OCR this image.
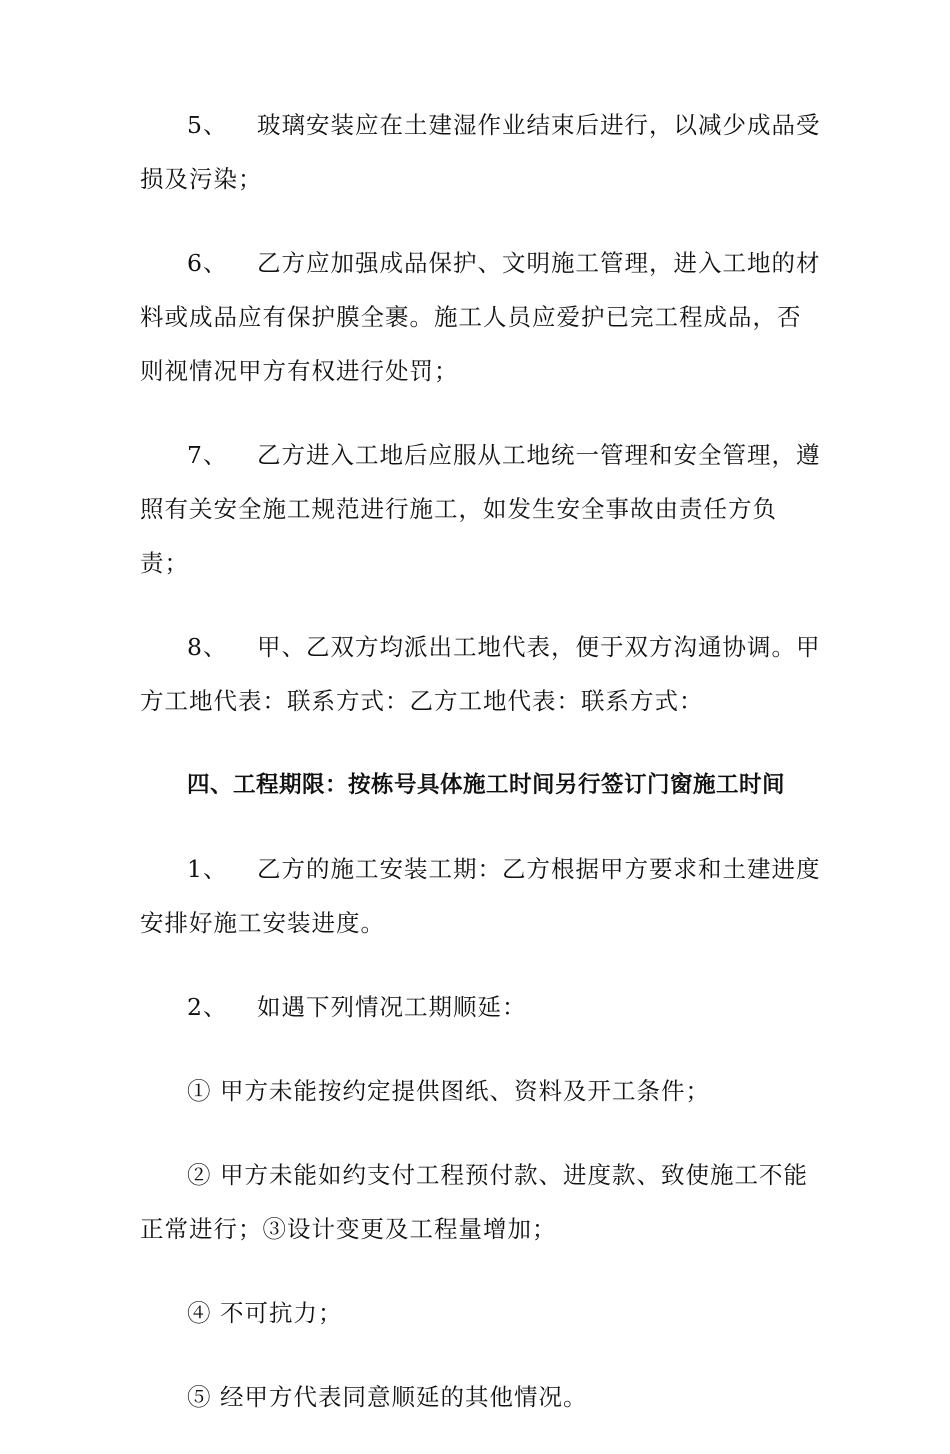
5、 玻璃安装应在土建湿作业结束后进行，以减少成品受损及污染；

6、 乙方应加强成品保护、文明施工管理，进入工地的材料或成品应有保护膜全裹。施工人员应爱护已完工程成品，否则视情况甲方有权进行处罚；

7、 乙方进入工地后应服从工地统一管理和安全管理，遵照有关安全施工规范进行施工，如发生安全事故由责任方负责；

8、 甲、乙双方均派出工地代表，便于双方沟通协调。甲方工地代表：联系方式：乙方工地代表：联系方式：

四、工程期限：按栋号具体施工时间另行签订门窗施工时间

1、 乙方的施工安装工期：乙方根据甲方要求和土建进度安排好施工安装进度。

2、 如遇下列情况工期顺延：

① 甲方未能按约定提供图纸、资料及开工条件；

② 甲方未能如约支付工程预付款、进度款、致使施工不能正常进行；③设计变更及工程量增加；

④ 不可抗力；

⑤ 经甲方代表同意顺延的其他情况。
